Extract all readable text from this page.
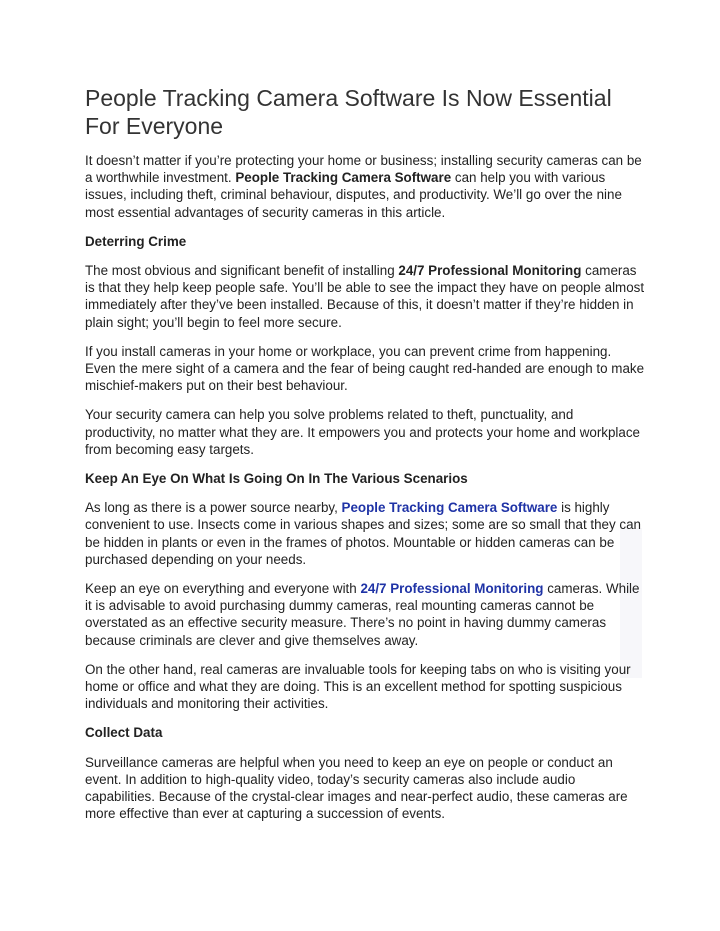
People Tracking Camera Software Is Now Essential For Everyone

It doesn’t matter if you’re protecting your home or business; installing security cameras can be a worthwhile investment. People Tracking Camera Software can help you with various issues, including theft, criminal behaviour, disputes, and productivity. We’ll go over the nine most essential advantages of security cameras in this article.

Deterring Crime

The most obvious and significant benefit of installing 24/7 Professional Monitoring cameras is that they help keep people safe. You’ll be able to see the impact they have on people almost immediately after they’ve been installed. Because of this, it doesn’t matter if they’re hidden in plain sight; you’ll begin to feel more secure.

If you install cameras in your home or workplace, you can prevent crime from happening. Even the mere sight of a camera and the fear of being caught red-handed are enough to make mischief-makers put on their best behaviour.

Your security camera can help you solve problems related to theft, punctuality, and productivity, no matter what they are. It empowers you and protects your home and workplace from becoming easy targets.

Keep An Eye On What Is Going On In The Various Scenarios

As long as there is a power source nearby, People Tracking Camera Software is highly convenient to use. Insects come in various shapes and sizes; some are so small that they can be hidden in plants or even in the frames of photos. Mountable or hidden cameras can be purchased depending on your needs.

Keep an eye on everything and everyone with 24/7 Professional Monitoring cameras. While it is advisable to avoid purchasing dummy cameras, real mounting cameras cannot be overstated as an effective security measure. There’s no point in having dummy cameras because criminals are clever and give themselves away.

On the other hand, real cameras are invaluable tools for keeping tabs on who is visiting your home or office and what they are doing. This is an excellent method for spotting suspicious individuals and monitoring their activities.

Collect Data

Surveillance cameras are helpful when you need to keep an eye on people or conduct an event. In addition to high-quality video, today’s security cameras also include audio capabilities. Because of the crystal-clear images and near-perfect audio, these cameras are more effective than ever at capturing a succession of events.
